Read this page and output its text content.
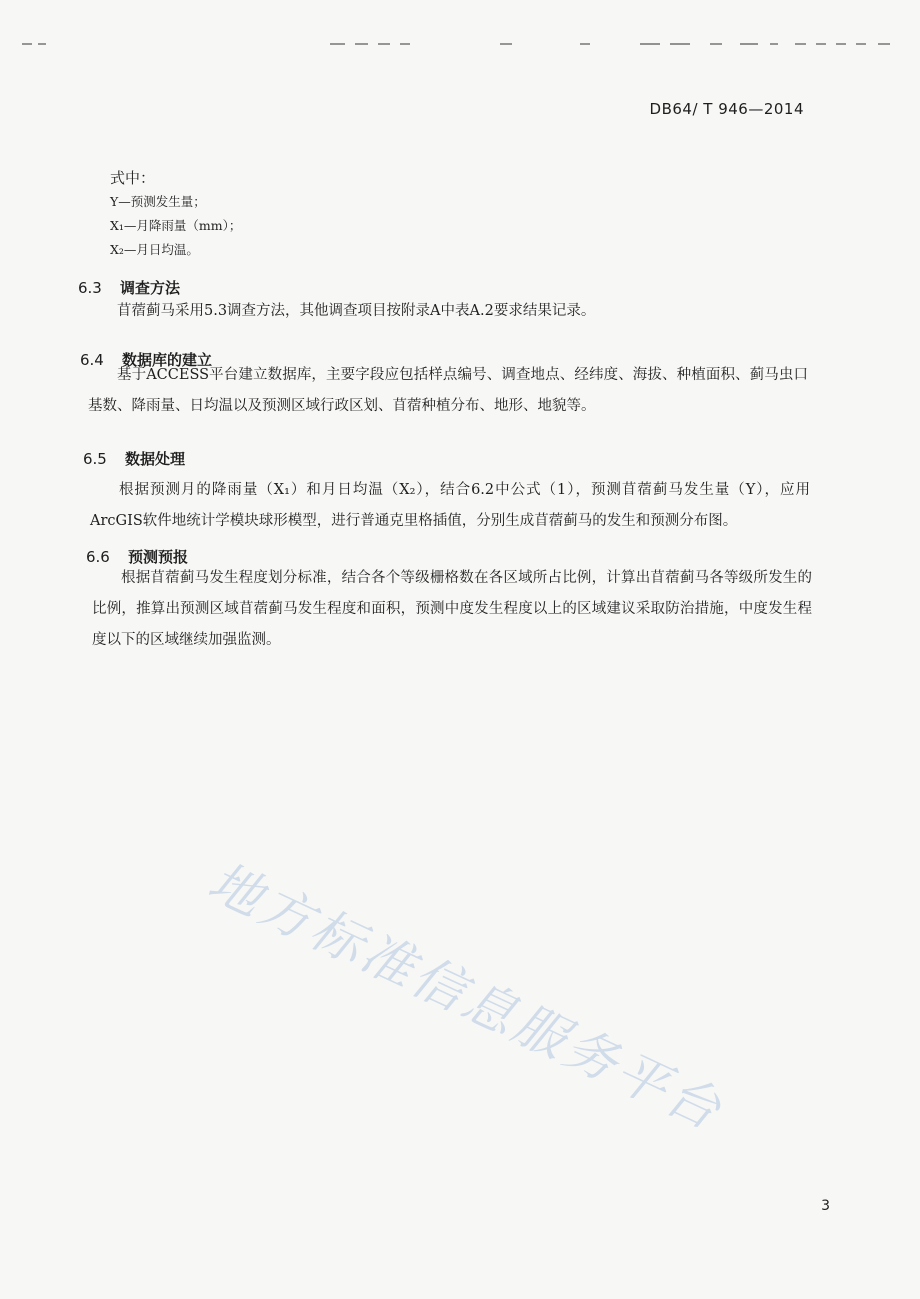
DB64/ T 946—2014
式中：
Y—预测发生量；
X₁—月降雨量（mm）；
X₂—月日均温。
6.3 调查方法
苜蓿蓟马采用5.3调查方法，其他调查项目按附录A中表A.2要求结果记录。
6.4 数据库的建立
基于ACCESS平台建立数据库，主要字段应包括样点编号、调查地点、经纬度、海拔、种植面积、蓟马虫口基数、降雨量、日均温以及预测区域行政区划、苜蓿种植分布、地形、地貌等。
6.5 数据处理
根据预测月的降雨量（X₁）和月日均温（X₂），结合6.2中公式（1），预测苜蓿蓟马发生量（Y），应用ArcGIS软件地统计学模块球形模型，进行普通克里格插值，分别生成苜蓿蓟马的发生和预测分布图。
6.6 预测预报
根据苜蓿蓟马发生程度划分标准，结合各个等级栅格数在各区域所占比例，计算出苜蓿蓟马各等级所发生的比例，推算出预测区域苜蓿蓟马发生程度和面积，预测中度发生程度以上的区域建议采取防治措施，中度发生程度以下的区域继续加强监测。
地方标准信息服务平台
3
